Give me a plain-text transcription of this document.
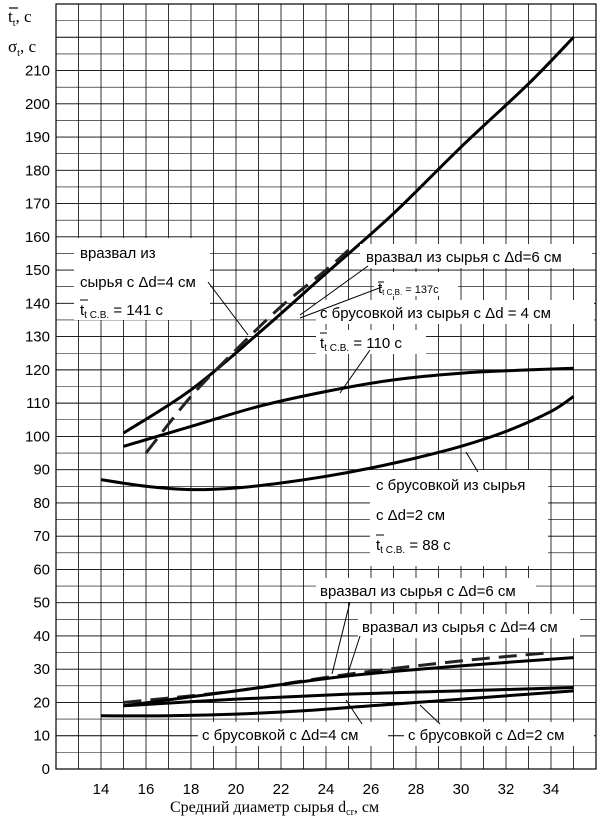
0
10
20
30
40
50
60
70
80
90
100
110
120
130
140
150
160
170
180
190
200
210
14 16 18 20 22 24 26 28 30 32 34
$t_t$, с
$\sigma_t$, с
Средний диаметр сырья dcr, см
вразвал из
сырья с Δd=4 см
$t_{t С.В.} = 141$ с
вразвал из сырья с Δd=6 см
tt С.В. = 137с
с брусовкой из сырья с Δd = 4 см
$t_{t С.В.} = 110$ с
с брусовкой из сырья
с Δd=2 см
$t_{t С.В.} = 88$ с
вразвал из сырья с Δd=6 см
вразвал из сырья с Δd=4 см
с брусовкой с Δd=4 см	с брусовкой с Δd=2 см
